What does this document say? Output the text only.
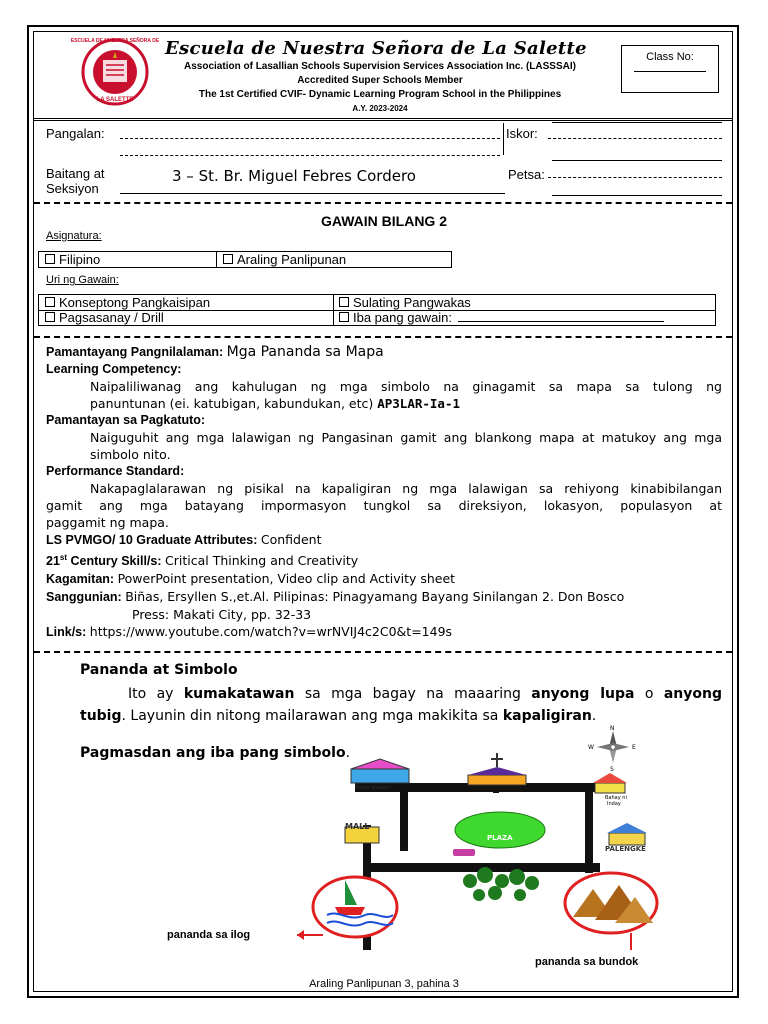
ESCUELA DE NUESTRA SEÑORA DE
LA SALETTE
Escuela de Nuestra Señora de La Salette
Association of Lasallian Schools Supervision Services Association Inc. (LASSSAI)
Accredited Super Schools Member
The 1st Certified CVIF- Dynamic Learning Program School in the Philippines
A.Y. 2023-2024
Class No:
Pangalan:	Iskor:
Baitang at
Seksiyon
3 – St. Br. Miguel Febres Cordero	Petsa:
GAWAIN BILANG 2
Asignatura:
Filipino	Araling Panlipunan
Uri ng Gawain:
Konseptong Pangkaisipan	Sulating Pangwakas
Pagsasanay / Drill	Iba pang gawain:
Pamantayang Pangnilalaman: Mga Pananda sa Mapa
Learning Competency:
Naipaliliwanag ang kahulugan ng mga simbolo na ginagamit sa mapa sa tulong ng
panuntunan (ei. katubigan, kabundukan, etc) AP3LAR-Ia-1
Pamantayan sa Pagkatuto:
Naiguguhit ang mga lalawigan ng Pangasinan gamit ang blankong mapa at matukoy ang mga
simbolo nito.
Performance Standard:
Nakapaglalarawan ng pisikal na kapaligiran ng mga lalawigan sa rehiyong kinabibilangan
gamit ang mga batayang impormasyon tungkol sa direksiyon, lokasyon, populasyon at
paggamit ng mapa.
LS PVMGO/ 10 Graduate Attributes: Confident
21st Century Skill/s: Critical Thinking and Creativity
Kagamitan: PowerPoint presentation, Video clip and Activity sheet
Sanggunian: Biñas, Ersyllen S.,et.Al. Pilipinas: Pinagyamang Bayang Sinilangan 2. Don Bosco
Press: Makati City, pp. 32-33
Link/s: https://www.youtube.com/watch?v=wrNVIJ4c2C0&t=149s
Pananda at Simbolo
Ito ay kumakatawan sa mga bagay na maaaring anyong lupa o anyong
tubig. Layunin din nitong mailarawan ang mga makikita sa kapaligiran.
Pagmasdan ang iba pang simbolo.
N
S
E
W
Police Station
Bahay ni
Inday
MALL
PLAZA
PALENGKE
pananda sa ilog
pananda sa bundok
Araling Panlipunan 3, pahina 3
